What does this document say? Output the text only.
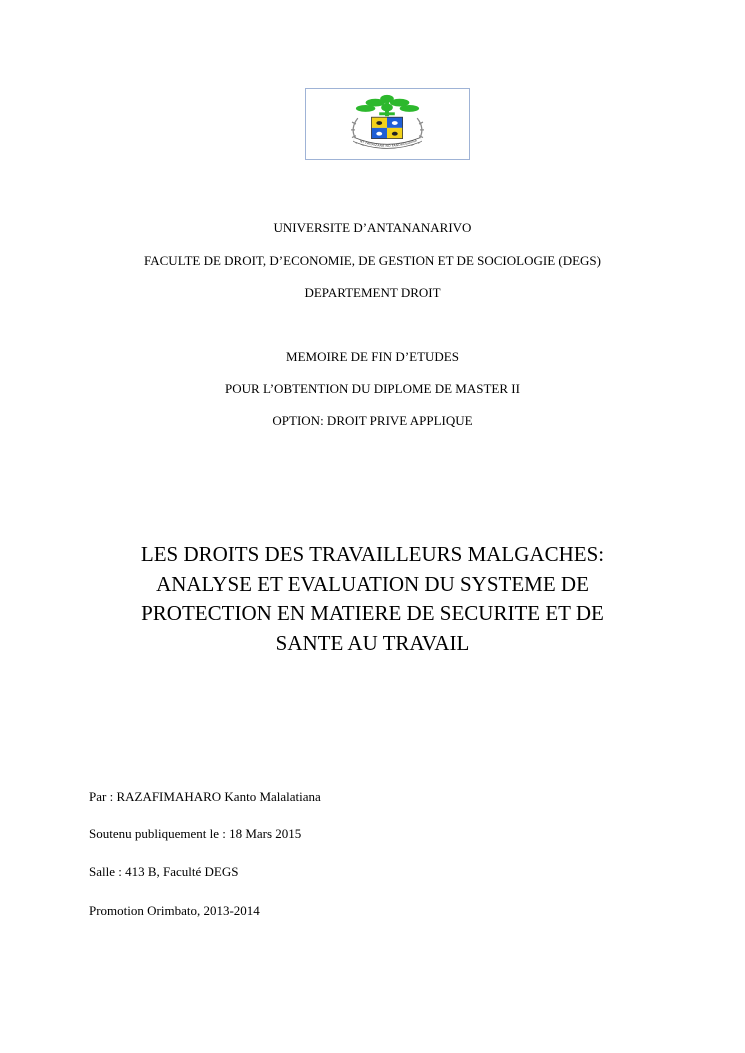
NY FAHAIZANA NO FANDROSOANA
UNIVERSITE D’ANTANANARIVO
FACULTE DE DROIT, D’ECONOMIE, DE GESTION ET DE SOCIOLOGIE (DEGS)
DEPARTEMENT DROIT
MEMOIRE DE FIN D’ETUDES
POUR L’OBTENTION DU DIPLOME DE MASTER II
OPTION: DROIT PRIVE APPLIQUE
LES DROITS DES TRAVAILLEURS MALGACHES:
ANALYSE ET EVALUATION DU SYSTEME DE
PROTECTION EN MATIERE DE SECURITE ET DE
SANTE AU TRAVAIL
Par : RAZAFIMAHARO Kanto Malalatiana
Soutenu publiquement le : 18 Mars 2015
Salle : 413 B, Faculté DEGS
Promotion Orimbato, 2013-2014
